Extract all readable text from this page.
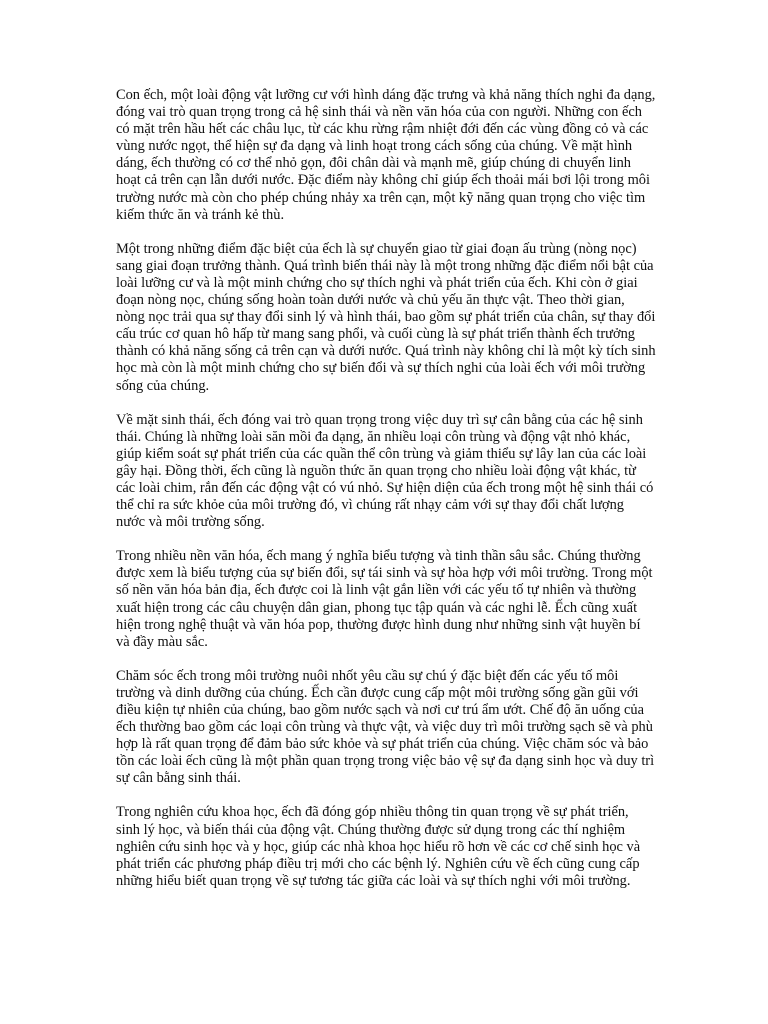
Con ếch, một loài động vật lưỡng cư với hình dáng đặc trưng và khả năng thích nghi đa dạng, đóng vai trò quan trọng trong cả hệ sinh thái và nền văn hóa của con người. Những con ếch có mặt trên hầu hết các châu lục, từ các khu rừng rậm nhiệt đới đến các vùng đồng cỏ và các vùng nước ngọt, thể hiện sự đa dạng và linh hoạt trong cách sống của chúng. Về mặt hình dáng, ếch thường có cơ thể nhỏ gọn, đôi chân dài và mạnh mẽ, giúp chúng di chuyển linh hoạt cả trên cạn lẫn dưới nước. Đặc điểm này không chỉ giúp ếch thoải mái bơi lội trong môi trường nước mà còn cho phép chúng nhảy xa trên cạn, một kỹ năng quan trọng cho việc tìm kiếm thức ăn và tránh kẻ thù.

Một trong những điểm đặc biệt của ếch là sự chuyển giao từ giai đoạn ấu trùng (nòng nọc) sang giai đoạn trưởng thành. Quá trình biến thái này là một trong những đặc điểm nổi bật của loài lưỡng cư và là một minh chứng cho sự thích nghi và phát triển của ếch. Khi còn ở giai đoạn nòng nọc, chúng sống hoàn toàn dưới nước và chủ yếu ăn thực vật. Theo thời gian, nòng nọc trải qua sự thay đổi sinh lý và hình thái, bao gồm sự phát triển của chân, sự thay đổi cấu trúc cơ quan hô hấp từ mang sang phổi, và cuối cùng là sự phát triển thành ếch trưởng thành có khả năng sống cả trên cạn và dưới nước. Quá trình này không chỉ là một kỳ tích sinh học mà còn là một minh chứng cho sự biến đổi và sự thích nghi của loài ếch với môi trường sống của chúng.

Về mặt sinh thái, ếch đóng vai trò quan trọng trong việc duy trì sự cân bằng của các hệ sinh thái. Chúng là những loài săn mồi đa dạng, ăn nhiều loại côn trùng và động vật nhỏ khác, giúp kiểm soát sự phát triển của các quần thể côn trùng và giảm thiểu sự lây lan của các loài gây hại. Đồng thời, ếch cũng là nguồn thức ăn quan trọng cho nhiều loài động vật khác, từ các loài chim, rắn đến các động vật có vú nhỏ. Sự hiện diện của ếch trong một hệ sinh thái có thể chỉ ra sức khỏe của môi trường đó, vì chúng rất nhạy cảm với sự thay đổi chất lượng nước và môi trường sống.

Trong nhiều nền văn hóa, ếch mang ý nghĩa biểu tượng và tinh thần sâu sắc. Chúng thường được xem là biểu tượng của sự biến đổi, sự tái sinh và sự hòa hợp với môi trường. Trong một số nền văn hóa bản địa, ếch được coi là linh vật gắn liền với các yếu tố tự nhiên và thường xuất hiện trong các câu chuyện dân gian, phong tục tập quán và các nghi lễ. Ếch cũng xuất hiện trong nghệ thuật và văn hóa pop, thường được hình dung như những sinh vật huyền bí và đầy màu sắc.

Chăm sóc ếch trong môi trường nuôi nhốt yêu cầu sự chú ý đặc biệt đến các yếu tố môi trường và dinh dưỡng của chúng. Ếch cần được cung cấp một môi trường sống gần gũi với điều kiện tự nhiên của chúng, bao gồm nước sạch và nơi cư trú ẩm ướt. Chế độ ăn uống của ếch thường bao gồm các loại côn trùng và thực vật, và việc duy trì môi trường sạch sẽ và phù hợp là rất quan trọng để đảm bảo sức khỏe và sự phát triển của chúng. Việc chăm sóc và bảo tồn các loài ếch cũng là một phần quan trọng trong việc bảo vệ sự đa dạng sinh học và duy trì sự cân bằng sinh thái.

Trong nghiên cứu khoa học, ếch đã đóng góp nhiều thông tin quan trọng về sự phát triển, sinh lý học, và biến thái của động vật. Chúng thường được sử dụng trong các thí nghiệm nghiên cứu sinh học và y học, giúp các nhà khoa học hiểu rõ hơn về các cơ chế sinh học và phát triển các phương pháp điều trị mới cho các bệnh lý. Nghiên cứu về ếch cũng cung cấp những hiểu biết quan trọng về sự tương tác giữa các loài và sự thích nghi với môi trường.
